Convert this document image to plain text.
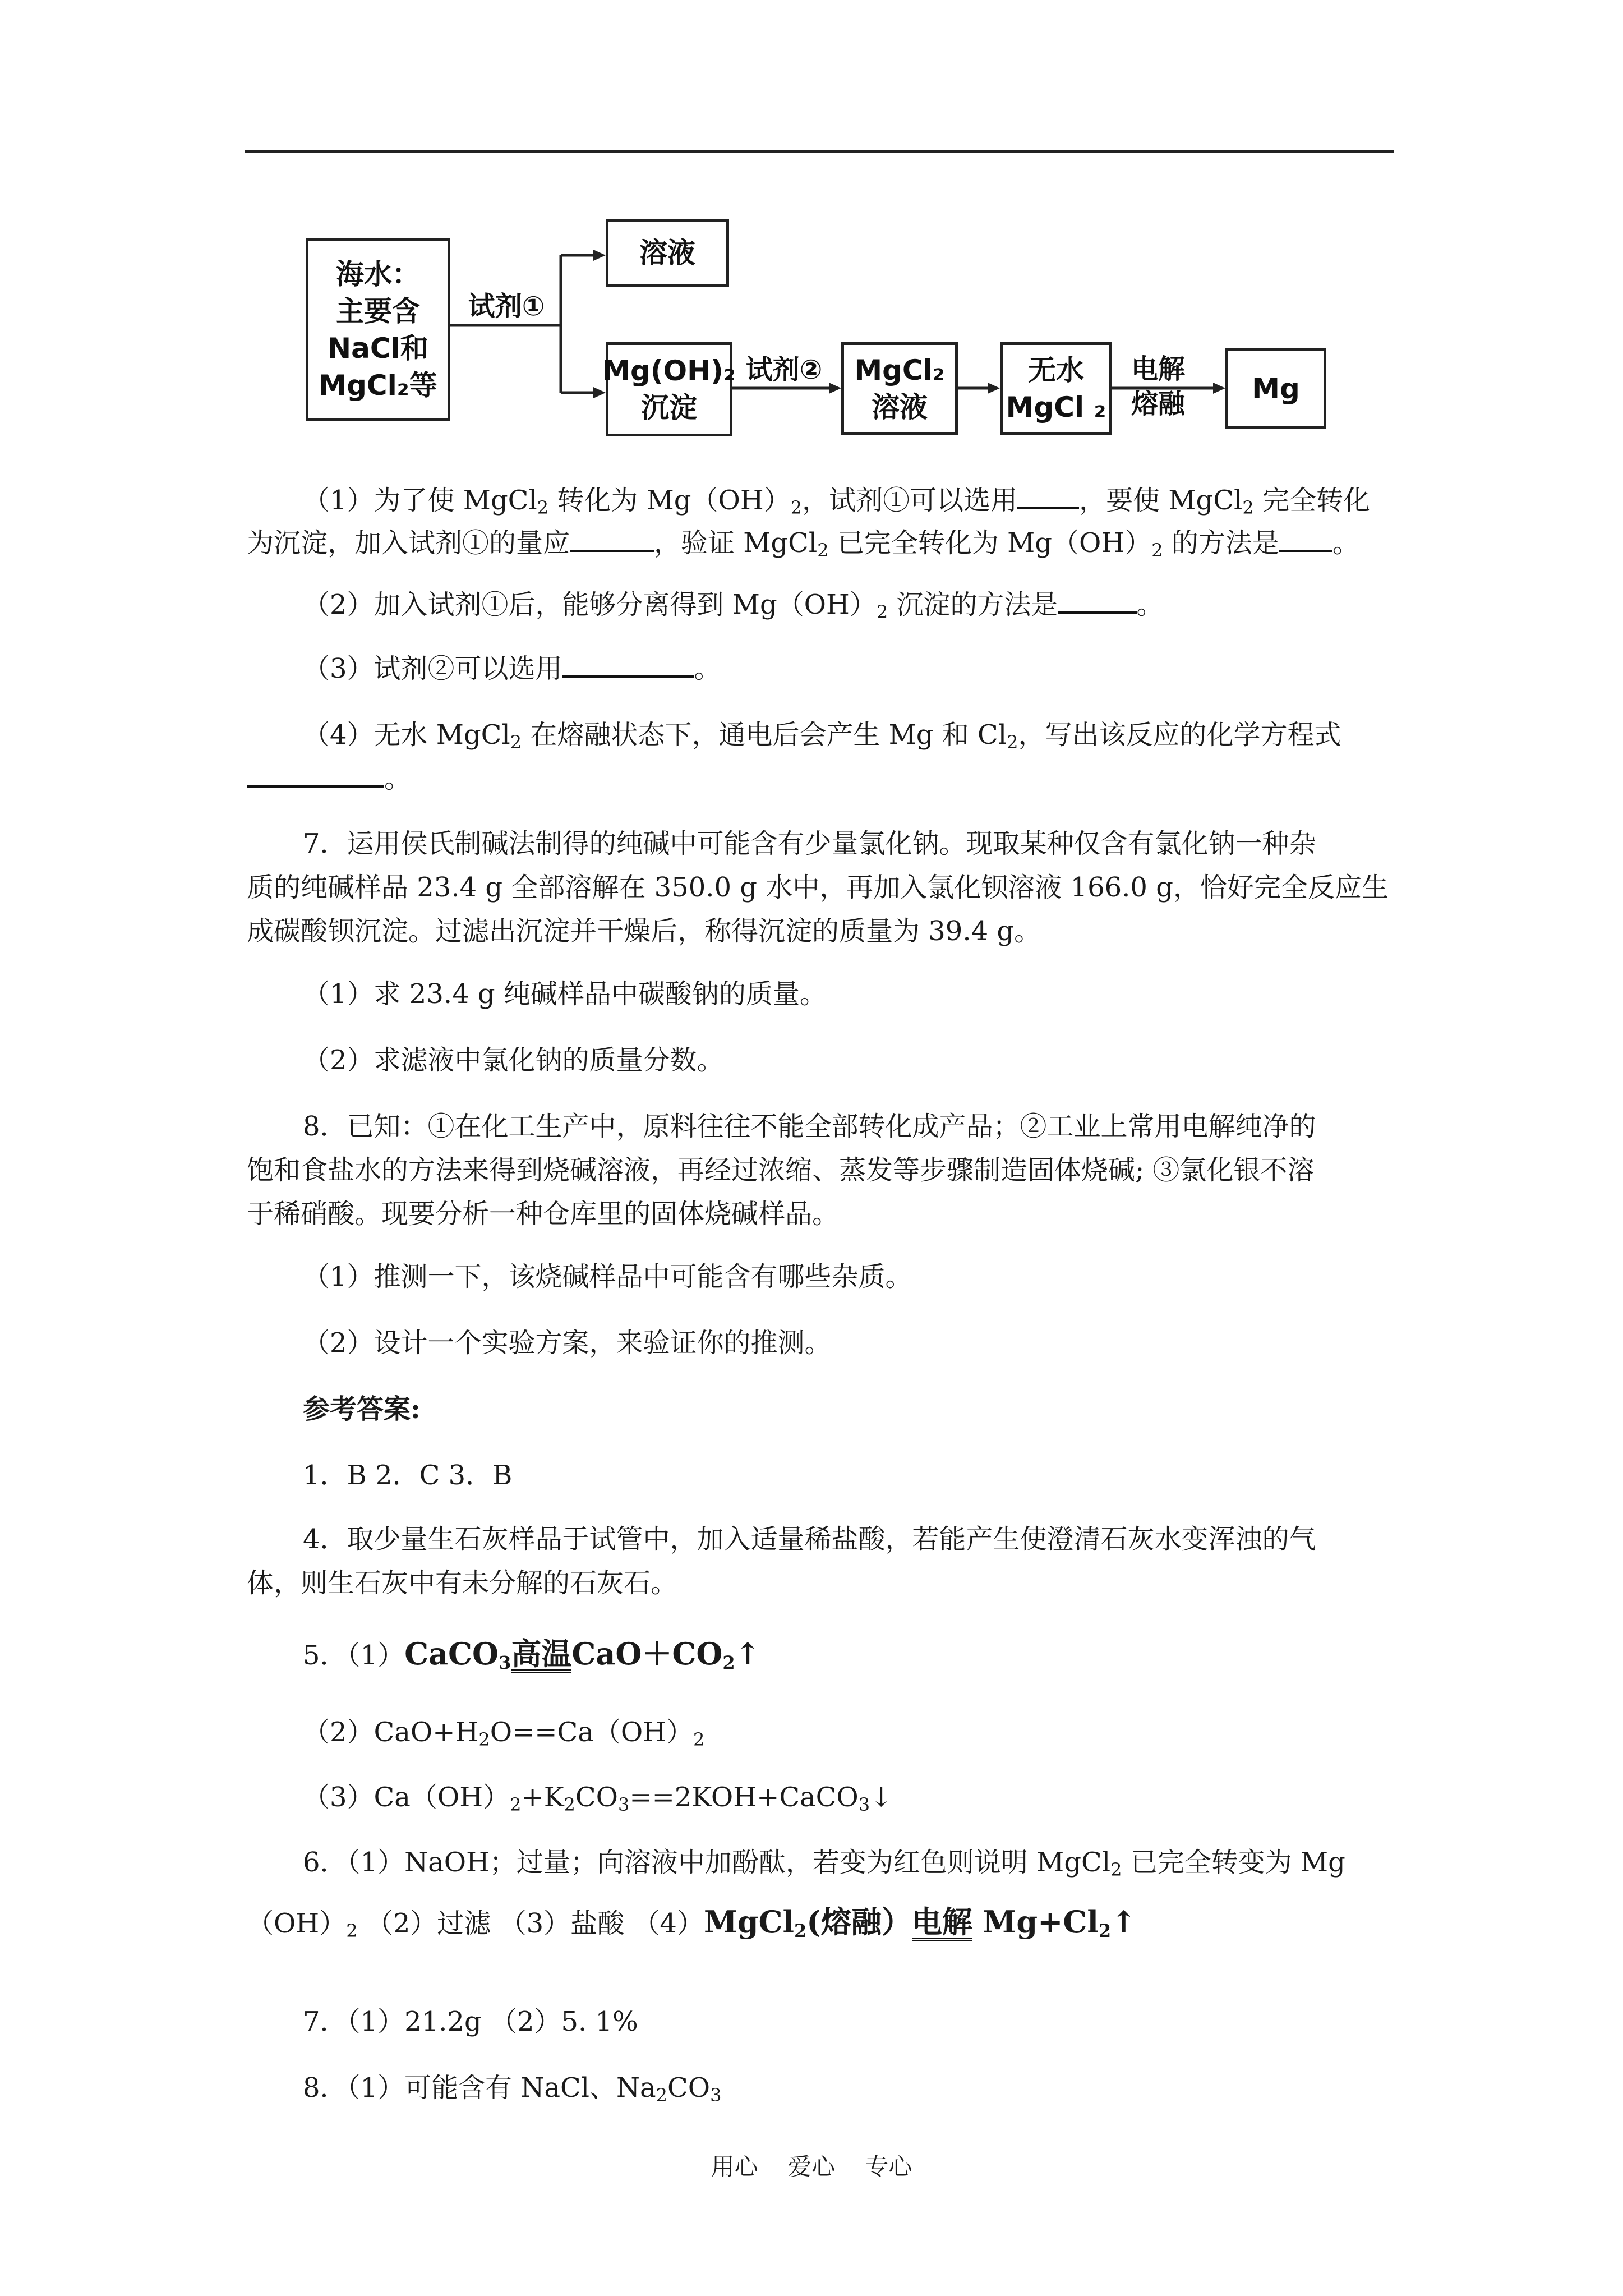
海水：
主要含
NaCl和
MgCl₂等
试剂①
溶液
Mg(OH)₂
沉淀
试剂②	MgCl₂
溶液
无水
MgCl ₂
电解
熔融	Mg
（1）为了使 MgCl$_2$ 转化为 $Mg(OH)_2$，试剂①可以选用 ，要使 MgCl$_2$ 完全转化
为沉淀，加入试剂①的量应	，验证 MgCl$_2$ 已完全转化为 $Mg(OH)_2$ 的方法是 。
（2）加入试剂①后，能够分离得到 $Mg(OH)_2$ 沉淀的方法是	。
（3）试剂②可以选用	。
（4）无水 MgCl$_2$ 在熔融状态下，通电后会产生 Mg 和 $Cl_2$，写出该反应的化学方程式
。
7．运用侯氏制碱法制得的纯碱中可能含有少量氯化钠。现取某种仅含有氯化钠一种杂
质的纯碱样品 23.4 g 全部溶解在 350.0 g 水中，再加入氯化钡溶液 166.0 g，恰好完全反应生
成碳酸钡沉淀。过滤出沉淀并干燥后，称得沉淀的质量为 39.4 g。
（1）求 23.4 g 纯碱样品中碳酸钠的质量。
（2）求滤液中氯化钠的质量分数。
8．已知：①在化工生产中，原料往往不能全部转化成产品；②工业上常用电解纯净的
饱和食盐水的方法来得到烧碱溶液，再经过浓缩、蒸发等步骤制造固体烧碱; ③氯化银不溶
于稀硝酸。现要分析一种仓库里的固体烧碱样品。
（1）推测一下，该烧碱样品中可能含有哪些杂质。
（2）设计一个实验方案，来验证你的推测。
参考答案:
1．B 2．C 3．B
4．取少量生石灰样品于试管中，加入适量稀盐酸，若能产生使澄清石灰水变浑浊的气
体，则生石灰中有未分解的石灰石。
5．（1）CaCO$_3$高温$CaO+CO_2↑$
$(2)CaO+H_2O==Ca(OH)_2$
$(3)Ca(OH)_2+K_2CO_3==2KOH+CaCO_3↓$
6．（1）NaOH；过量；向溶液中加酚酞，若变为红色则说明 MgCl$_2$ 已完全转变为 Mg
$(OH)_2$ （2）过滤 （3）盐酸 （4）MgCl$_2$(熔融）电解 $Mg+Cl_2↑$
7．（1）21.2g （2）5. 1%
8．（1）可能含有 NaCl、$Na_2CO_3$
用心 爱心 专心
